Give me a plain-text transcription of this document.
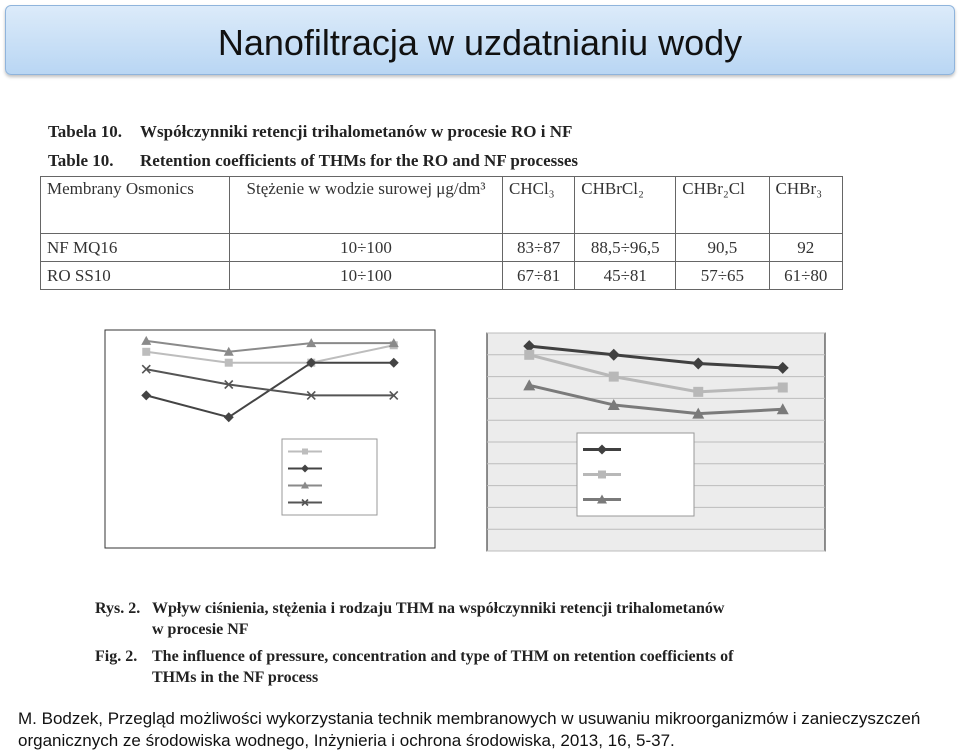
Nanofiltracja w uzdatnianiu wody
Tabela 10. Współczynniki retencji trihalometanów w procesie RO i NF
Table 10. Retention coefficients of THMs for the RO and NF processes
Membrany Osmonics	Stężenie w wodzie surowej μg/dm³	CHCl₃	CHBrCl₂	CHBr₂Cl	CHBr₃
NF MQ16	10÷100	83÷87	88,5÷96,5	90,5	92
RO SS10	10÷100	67÷81	45÷81	57÷65	61÷80
Rys. 2. Wpływ ciśnienia, stężenia i rodzaju THM na współczynniki retencji trihalometanów
w procesie NF
Fig. 2. The influence of pressure, concentration and type of THM on retention coefficients of
THMs in the NF process
M. Bodzek, Przegląd możliwości wykorzystania technik membranowych w usuwaniu mikroorganizmów i zanieczyszczeń organicznych ze środowiska wodnego, Inżynieria i ochrona środowiska, 2013, 16, 5-37.
